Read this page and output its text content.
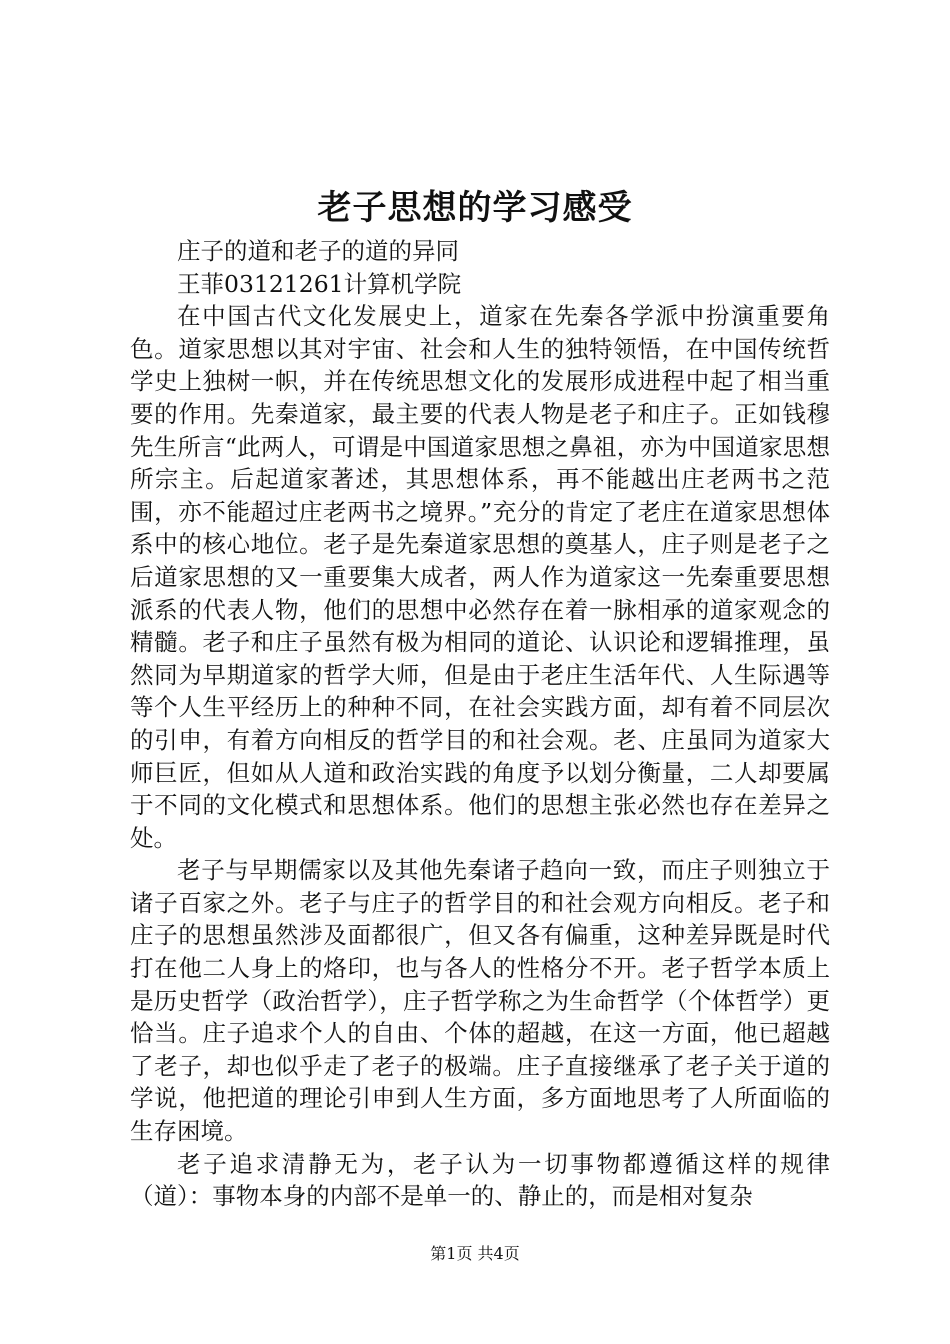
老子思想的学习感受

庄子的道和老子的道的异同

王菲03121261计算机学院

在中国古代文化发展史上，道家在先秦各学派中扮演重要角色。道家思想以其对宇宙、社会和人生的独特领悟，在中国传统哲学史上独树一帜，并在传统思想文化的发展形成进程中起了相当重要的作用。先秦道家，最主要的代表人物是老子和庄子。正如钱穆先生所言“此两人，可谓是中国道家思想之鼻祖，亦为中国道家思想所宗主。后起道家著述，其思想体系，再不能越出庄老两书之范围，亦不能超过庄老两书之境界。”充分的肯定了老庄在道家思想体系中的核心地位。老子是先秦道家思想的奠基人，庄子则是老子之后道家思想的又一重要集大成者，两人作为道家这一先秦重要思想派系的代表人物，他们的思想中必然存在着一脉相承的道家观念的精髓。老子和庄子虽然有极为相同的道论、认识论和逻辑推理，虽然同为早期道家的哲学大师，但是由于老庄生活年代、人生际遇等等个人生平经历上的种种不同，在社会实践方面，却有着不同层次的引申，有着方向相反的哲学目的和社会观。老、庄虽同为道家大师巨匠，但如从人道和政治实践的角度予以划分衡量，二人却要属于不同的文化模式和思想体系。他们的思想主张必然也存在差异之处。

老子与早期儒家以及其他先秦诸子趋向一致，而庄子则独立于诸子百家之外。老子与庄子的哲学目的和社会观方向相反。老子和庄子的思想虽然涉及面都很广，但又各有偏重，这种差异既是时代打在他二人身上的烙印，也与各人的性格分不开。老子哲学本质上是历史哲学（政治哲学），庄子哲学称之为生命哲学（个体哲学）更恰当。庄子追求个人的自由、个体的超越，在这一方面，他已超越了老子，却也似乎走了老子的极端。庄子直接继承了老子关于道的学说，他把道的理论引申到人生方面，多方面地思考了人所面临的生存困境。

老子追求清静无为，老子认为一切事物都遵循这样的规律（道）：事物本身的内部不是单一的、静止的，而是相对复杂

第1页 共4页
